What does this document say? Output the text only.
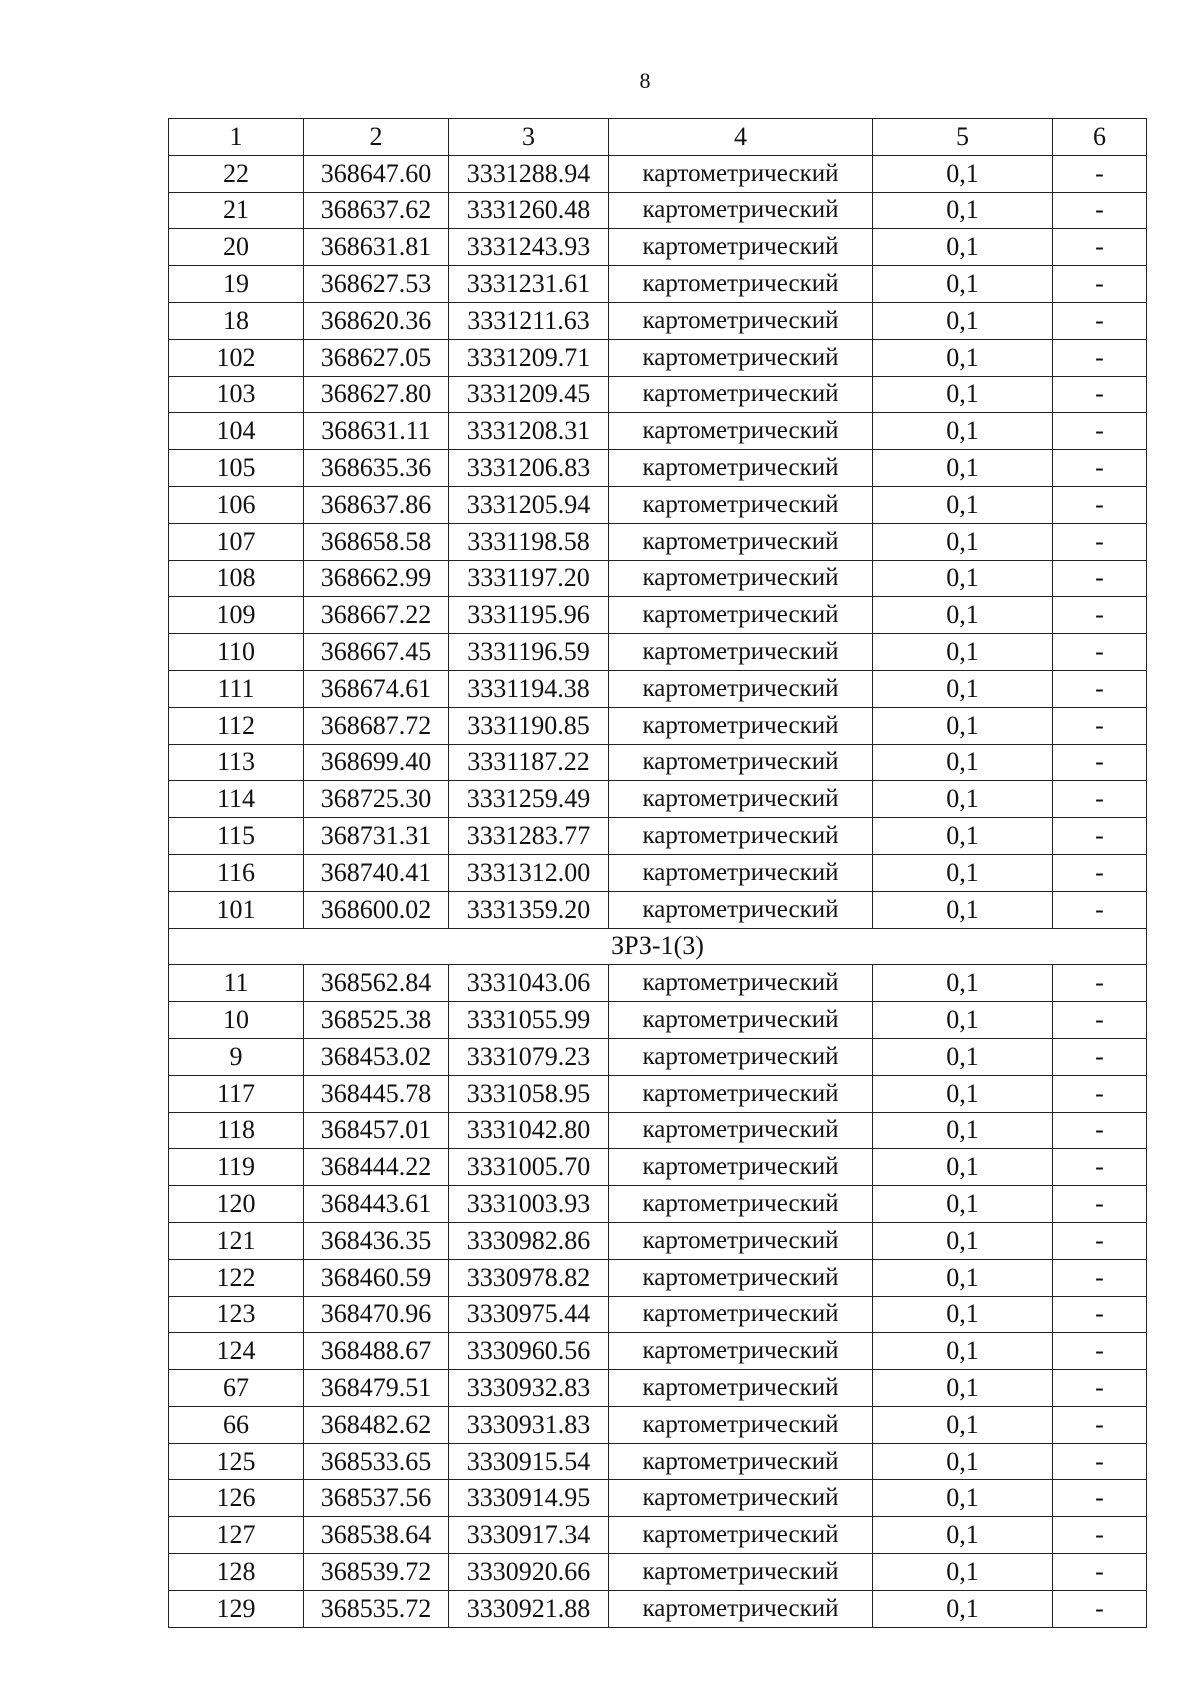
8
1	2	3	4	5	6
22	368647.60	3331288.94	картометрический	0,1	-
21	368637.62	3331260.48	картометрический	0,1	-
20	368631.81	3331243.93	картометрический	0,1	-
19	368627.53	3331231.61	картометрический	0,1	-
18	368620.36	3331211.63	картометрический	0,1	-
102	368627.05	3331209.71	картометрический	0,1	-
103	368627.80	3331209.45	картометрический	0,1	-
104	368631.11	3331208.31	картометрический	0,1	-
105	368635.36	3331206.83	картометрический	0,1	-
106	368637.86	3331205.94	картометрический	0,1	-
107	368658.58	3331198.58	картометрический	0,1	-
108	368662.99	3331197.20	картометрический	0,1	-
109	368667.22	3331195.96	картометрический	0,1	-
110	368667.45	3331196.59	картометрический	0,1	-
111	368674.61	3331194.38	картометрический	0,1	-
112	368687.72	3331190.85	картометрический	0,1	-
113	368699.40	3331187.22	картометрический	0,1	-
114	368725.30	3331259.49	картометрический	0,1	-
115	368731.31	3331283.77	картометрический	0,1	-
116	368740.41	3331312.00	картометрический	0,1	-
101	368600.02	3331359.20	картометрический	0,1	-
ЗРЗ-1(3)					
11	368562.84	3331043.06	картометрический	0,1	-
10	368525.38	3331055.99	картометрический	0,1	-
9	368453.02	3331079.23	картометрический	0,1	-
117	368445.78	3331058.95	картометрический	0,1	-
118	368457.01	3331042.80	картометрический	0,1	-
119	368444.22	3331005.70	картометрический	0,1	-
120	368443.61	3331003.93	картометрический	0,1	-
121	368436.35	3330982.86	картометрический	0,1	-
122	368460.59	3330978.82	картометрический	0,1	-
123	368470.96	3330975.44	картометрический	0,1	-
124	368488.67	3330960.56	картометрический	0,1	-
67	368479.51	3330932.83	картометрический	0,1	-
66	368482.62	3330931.83	картометрический	0,1	-
125	368533.65	3330915.54	картометрический	0,1	-
126	368537.56	3330914.95	картометрический	0,1	-
127	368538.64	3330917.34	картометрический	0,1	-
128	368539.72	3330920.66	картометрический	0,1	-
129	368535.72	3330921.88	картометрический	0,1	-
